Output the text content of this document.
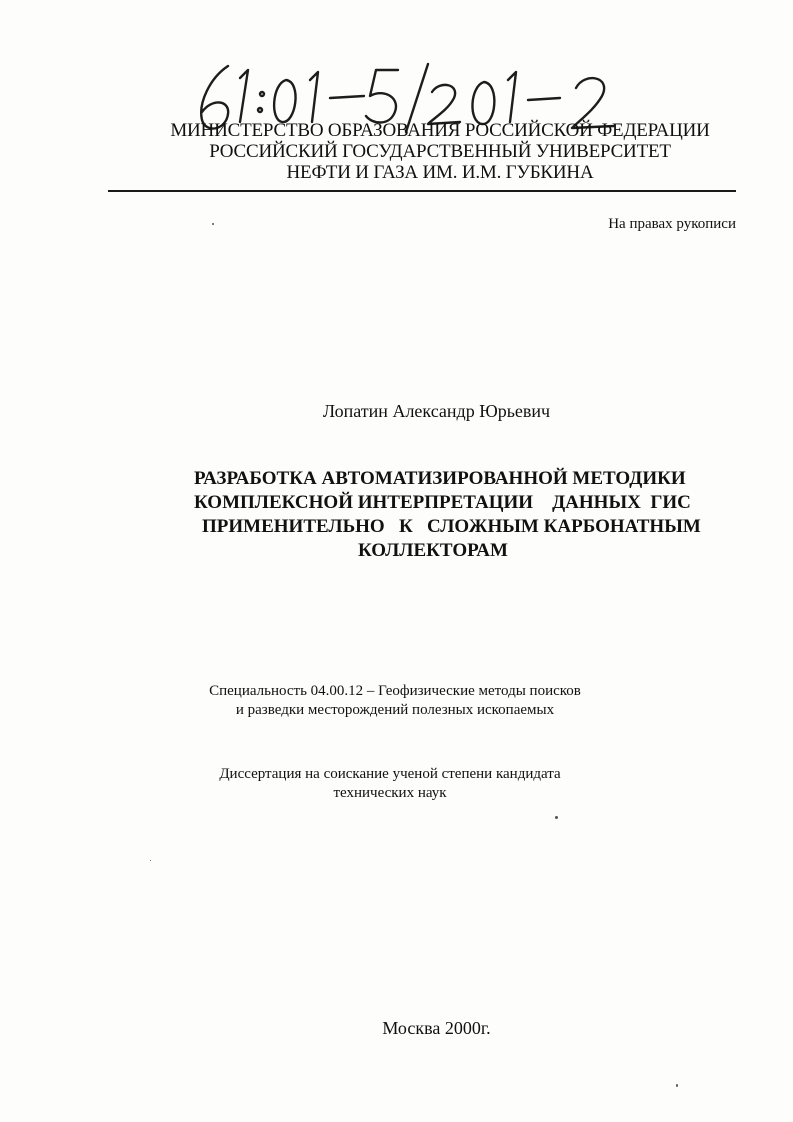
МИНИСТЕРСТВО ОБРАЗОВАНИЯ РОССИЙСКОЙ ФЕДЕРАЦИИ
РОССИЙСКИЙ ГОСУДАРСТВЕННЫЙ УНИВЕРСИТЕТ
НЕФТИ И ГАЗА ИМ. И.М. ГУБКИНА
На правах рукописи
Лопатин Александр Юрьевич
РАЗРАБОТКА АВТОМАТИЗИРОВАННОЙ МЕТОДИКИ
КОМПЛЕКСНОЙ ИНТЕРПРЕТАЦИИ    ДАННЫХ  ГИС
ПРИМЕНИТЕЛЬНО   К   СЛОЖНЫМ КАРБОНАТНЫМ
КОЛЛЕКТОРАМ
Специальность 04.00.12 – Геофизические методы поисков
и разведки месторождений полезных ископаемых
Диссертация на соискание ученой степени кандидата
технических наук
Москва 2000г.
